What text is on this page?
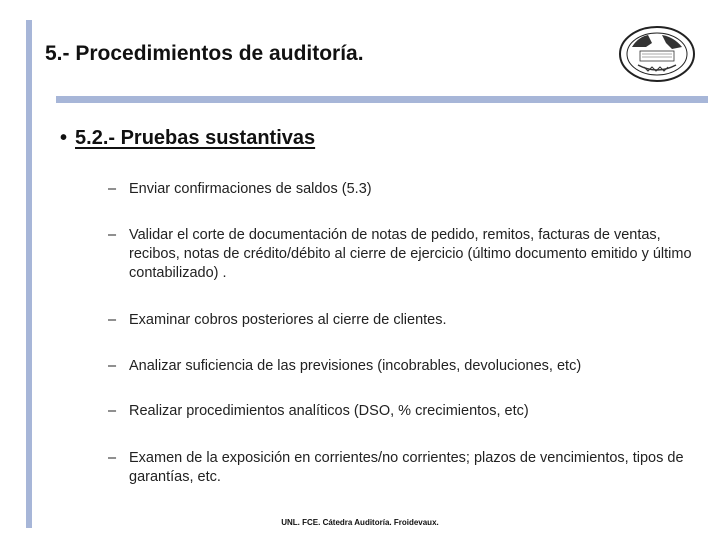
5.- Procedimientos de auditoría.
• 5.2.- Pruebas sustantivas
– Enviar confirmaciones de saldos (5.3)
– Validar el corte de documentación de notas de pedido, remitos, facturas de ventas, recibos, notas de crédito/débito al cierre de ejercicio (último documento emitido y último contabilizado) .
– Examinar cobros posteriores al cierre de clientes.
– Analizar suficiencia de las previsiones (incobrables, devoluciones, etc)
– Realizar procedimientos analíticos (DSO, % crecimientos, etc)
– Examen de la exposición en corrientes/no corrientes; plazos de vencimientos, tipos de garantías, etc.
UNL. FCE. Cátedra Auditoría. Froidevaux.
